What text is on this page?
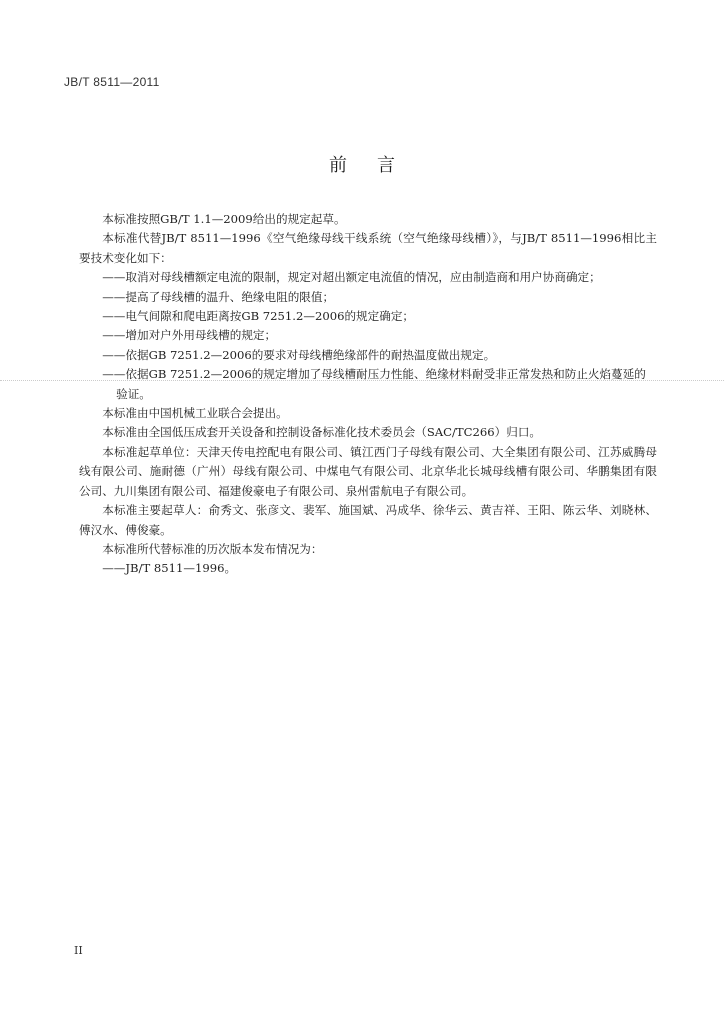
JB/T 8511—2011
前言

本标准按照GB/T 1.1—2009给出的规定起草。

本标准代替JB/T 8511—1996《空气绝缘母线干线系统（空气绝缘母线槽）》，与JB/T 8511—1996相比主要技术变化如下：

——取消对母线槽额定电流的限制，规定对超出额定电流值的情况，应由制造商和用户协商确定；

——提高了母线槽的温升、绝缘电阻的限值；

——电气间隙和爬电距离按GB 7251.2—2006的规定确定；

——增加对户外用母线槽的规定；

——依据GB 7251.2—2006的要求对母线槽绝缘部件的耐热温度做出规定。

——依据GB 7251.2—2006的规定增加了母线槽耐压力性能、绝缘材料耐受非正常发热和防止火焰蔓延的验证。

本标准由中国机械工业联合会提出。

本标准由全国低压成套开关设备和控制设备标准化技术委员会（SAC/TC266）归口。

本标准起草单位：天津天传电控配电有限公司、镇江西门子母线有限公司、大全集团有限公司、江苏威腾母线有限公司、施耐德（广州）母线有限公司、中煤电气有限公司、北京华北长城母线槽有限公司、华鹏集团有限公司、九川集团有限公司、福建俊豪电子有限公司、泉州雷航电子有限公司。

本标准主要起草人：俞秀文、张彦文、裴军、施国斌、冯成华、徐华云、黄吉祥、王阳、陈云华、刘晓林、傅汉水、傅俊豪。

本标准所代替标准的历次版本发布情况为：

——JB/T 8511—1996。

II
